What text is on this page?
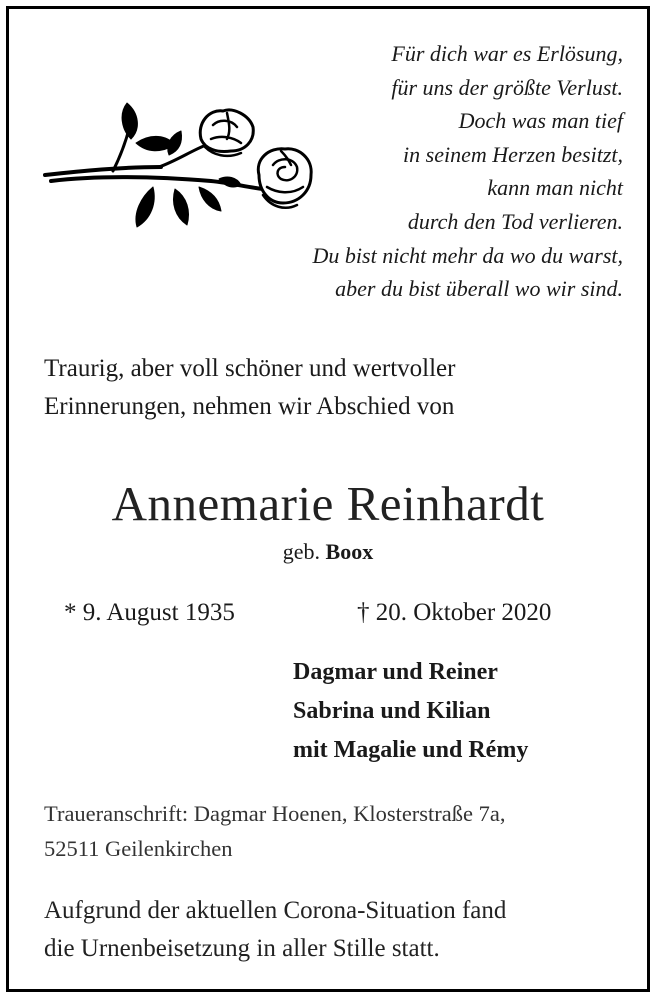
Für dich war es Erlösung,
für uns der größte Verlust.
Doch was man tief
in seinem Herzen besitzt,
kann man nicht
durch den Tod verlieren.
Du bist nicht mehr da wo du warst,
aber du bist überall wo wir sind.
Traurig, aber voll schöner und wertvoller
Erinnerungen, nehmen wir Abschied von
Annemarie Reinhardt
geb. Boox
* 9. August 1935	† 20. Oktober 2020
Dagmar und Reiner
Sabrina und Kilian
mit Magalie und Rémy
Traueranschrift: Dagmar Hoenen, Klosterstraße 7a,
52511 Geilenkirchen
Aufgrund der aktuellen Corona-Situation fand
die Urnenbeisetzung in aller Stille statt.
